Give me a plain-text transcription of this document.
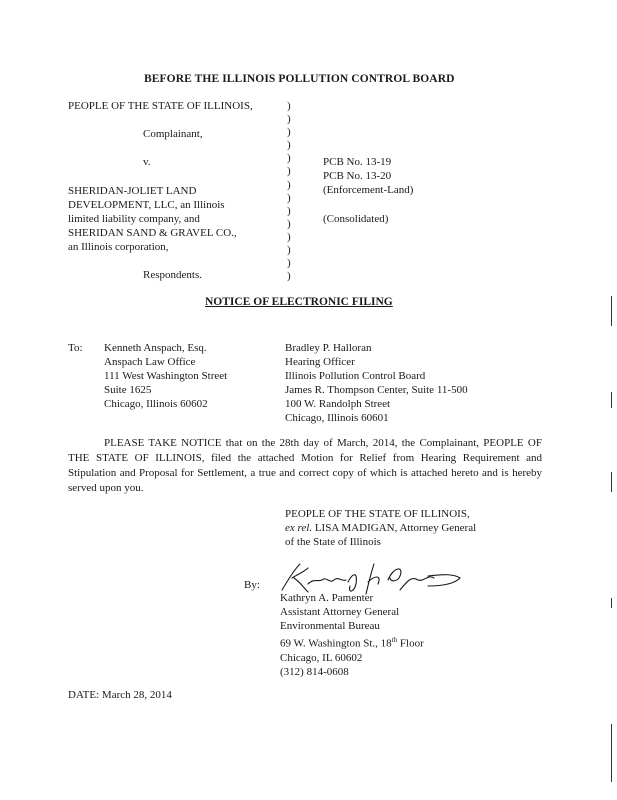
BEFORE THE ILLINOIS POLLUTION CONTROL BOARD
PEOPLE OF THE STATE OF ILLINOIS,
Complainant,
v.
SHERIDAN-JOLIET LAND
DEVELOPMENT, LLC, an Illinois
limited liability company, and
SHERIDAN SAND & GRAVEL CO.,
an Illinois corporation,
Respondents.
)
)
)
)
)
)
)
)
)
)
)
)
)
)
PCB No. 13-19
PCB No. 13-20
(Enforcement-Land)
(Consolidated)
NOTICE OF ELECTRONIC FILING
To: Kenneth Anspach, Esq.
Anspach Law Office
111 West Washington Street
Suite 1625
Chicago, Illinois 60602
Bradley P. Halloran
Hearing Officer
Illinois Pollution Control Board
James R. Thompson Center, Suite 11-500
100 W. Randolph Street
Chicago, Illinois 60601
PLEASE TAKE NOTICE that on the 28th day of March, 2014, the Complainant, PEOPLE OF THE STATE OF ILLINOIS, filed the attached Motion for Relief from Hearing Requirement and Stipulation and Proposal for Settlement, a true and correct copy of which is attached hereto and is hereby served upon you.
PEOPLE OF THE STATE OF ILLINOIS,
ex rel. LISA MADIGAN, Attorney General
of the State of Illinois
By:
Kathryn A. Pamenter
Assistant Attorney General
Environmental Bureau
69 W. Washington St., 18th Floor
Chicago, IL 60602
(312) 814-0608
DATE: March 28, 2014
